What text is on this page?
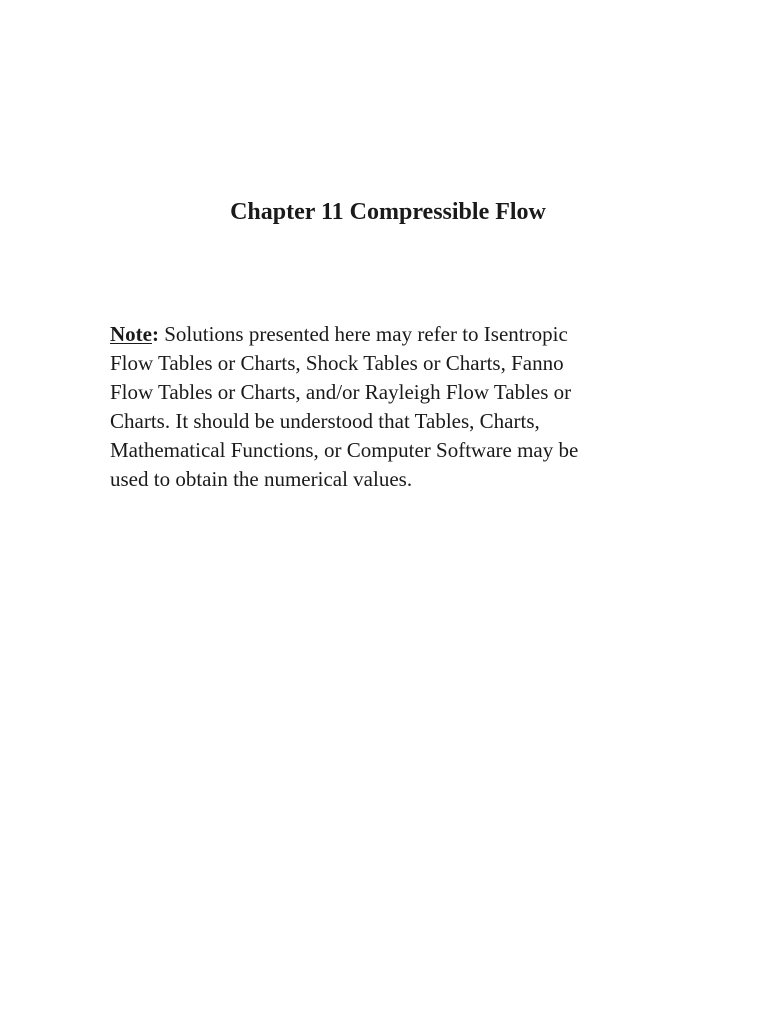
Chapter 11 Compressible Flow

Note: Solutions presented here may refer to Isentropic
Flow Tables or Charts, Shock Tables or Charts, Fanno
Flow Tables or Charts, and/or Rayleigh Flow Tables or
Charts. It should be understood that Tables, Charts,
Mathematical Functions, or Computer Software may be
used to obtain the numerical values.
